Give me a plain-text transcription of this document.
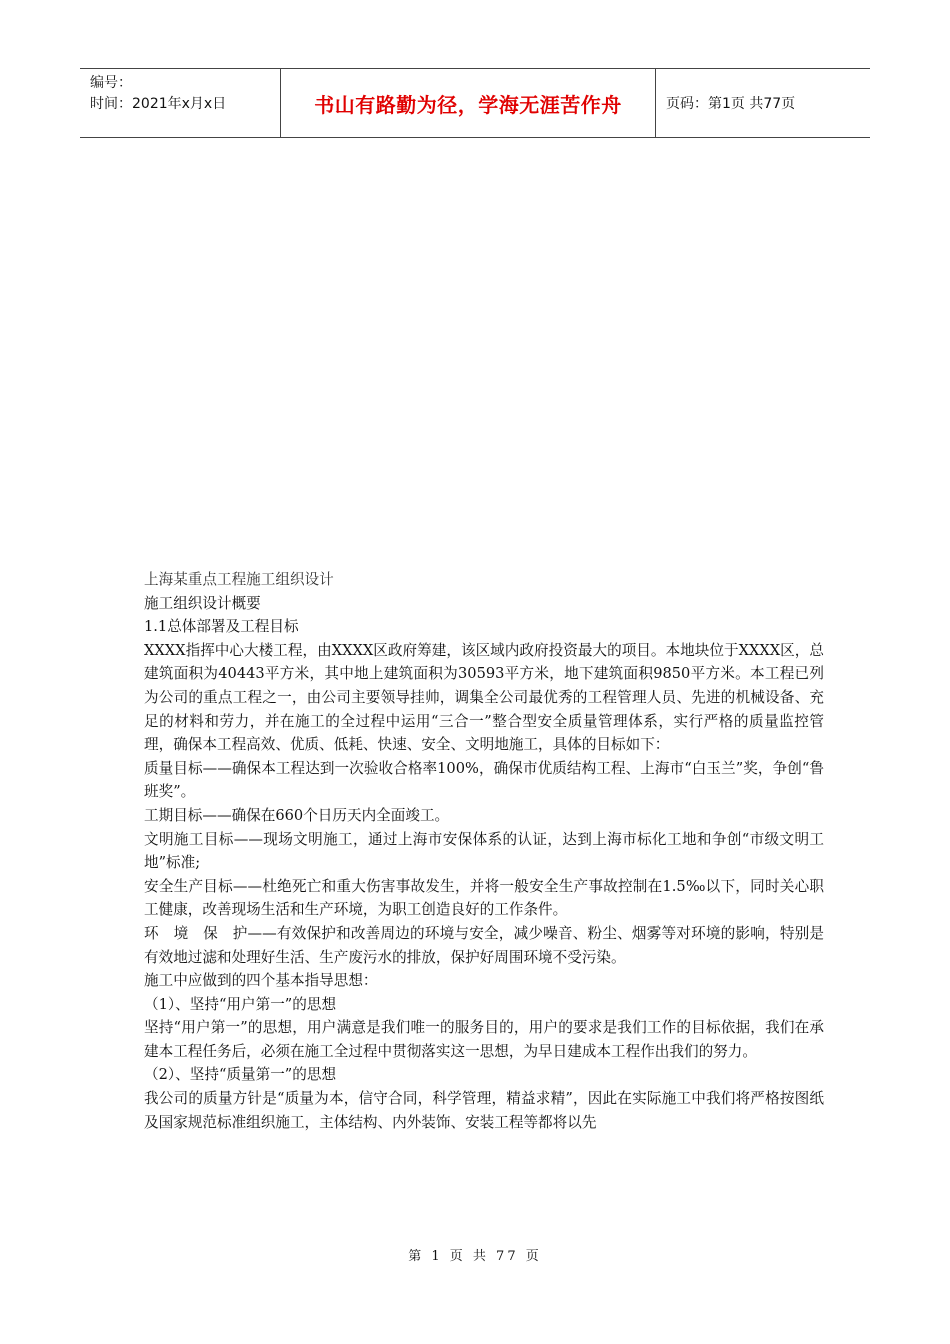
编号：
时间：2021年x月x日	书山有路勤为径，学海无涯苦作舟	页码：第1页 共77页

上海某重点工程施工组织设计

施工组织设计概要

1.1总体部署及工程目标

XXXX指挥中心大楼工程，由XXXX区政府筹建，该区域内政府投资最大的项目。本地块位于XXXX区，总建筑面积为40443平方米，其中地上建筑面积为30593平方米，地下建筑面积9850平方米。本工程已列为公司的重点工程之一，由公司主要领导挂帅，调集全公司最优秀的工程管理人员、先进的机械设备、充足的材料和劳力，并在施工的全过程中运用“三合一”整合型安全质量管理体系，实行严格的质量监控管理，确保本工程高效、优质、低耗、快速、安全、文明地施工，具体的目标如下：

质量目标——确保本工程达到一次验收合格率100%，确保市优质结构工程、上海市“白玉兰”奖，争创“鲁班奖”。

工期目标——确保在660个日历天内全面竣工。

文明施工目标——现场文明施工，通过上海市安保体系的认证，达到上海市标化工地和争创“市级文明工地”标准;

安全生产目标——杜绝死亡和重大伤害事故发生，并将一般安全生产事故控制在1.5‰以下，同时关心职工健康，改善现场生活和生产环境，为职工创造良好的工作条件。

环　境　保　护——有效保护和改善周边的环境与安全，减少噪音、粉尘、烟雾等对环境的影响，特别是有效地过滤和处理好生活、生产废污水的排放，保护好周围环境不受污染。

施工中应做到的四个基本指导思想：

（1）、坚持“用户第一”的思想

坚持“用户第一”的思想，用户满意是我们唯一的服务目的，用户的要求是我们工作的目标依据，我们在承建本工程任务后，必须在施工全过程中贯彻落实这一思想，为早日建成本工程作出我们的努力。

（2）、坚持“质量第一”的思想

我公司的质量方针是“质量为本，信守合同，科学管理，精益求精”，因此在实际施工中我们将严格按图纸及国家规范标准组织施工，主体结构、内外装饰、安装工程等都将以先

第 1 页 共 77 页
